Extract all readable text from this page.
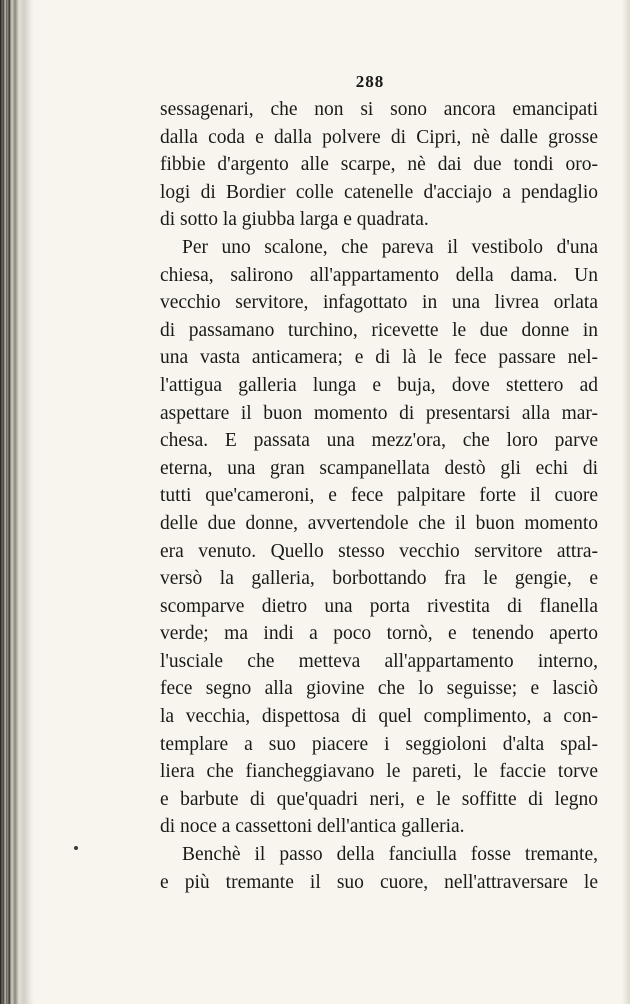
288
sessagenari, che non si sono ancora emancipati
dalla coda e dalla polvere di Cipri, nè dalle grosse
fibbie d'argento alle scarpe, nè dai due tondi oro-
logi di Bordier colle catenelle d'acciajo a pendaglio
di sotto la giubba larga e quadrata.
Per uno scalone, che pareva il vestibolo d'una
chiesa, salirono all'appartamento della dama. Un
vecchio servitore, infagottato in una livrea orlata
di passamano turchino, ricevette le due donne in
una vasta anticamera; e di là le fece passare nel-
l'attigua galleria lunga e buja, dove stettero ad
aspettare il buon momento di presentarsi alla mar-
chesa. E passata una mezz'ora, che loro parve
eterna, una gran scampanellata destò gli echi di
tutti que'cameroni, e fece palpitare forte il cuore
delle due donne, avvertendole che il buon momento
era venuto. Quello stesso vecchio servitore attra-
versò la galleria, borbottando fra le gengie, e
scomparve dietro una porta rivestita di flanella
verde; ma indi a poco tornò, e tenendo aperto
l'usciale che metteva all'appartamento interno,
fece segno alla giovine che lo seguisse; e lasciò
la vecchia, dispettosa di quel complimento, a con-
templare a suo piacere i seggioloni d'alta spal-
liera che fiancheggiavano le pareti, le faccie torve
e barbute di que'quadri neri, e le soffitte di legno
di noce a cassettoni dell'antica galleria.
Benchè il passo della fanciulla fosse tremante,
e più tremante il suo cuore, nell'attraversare le
